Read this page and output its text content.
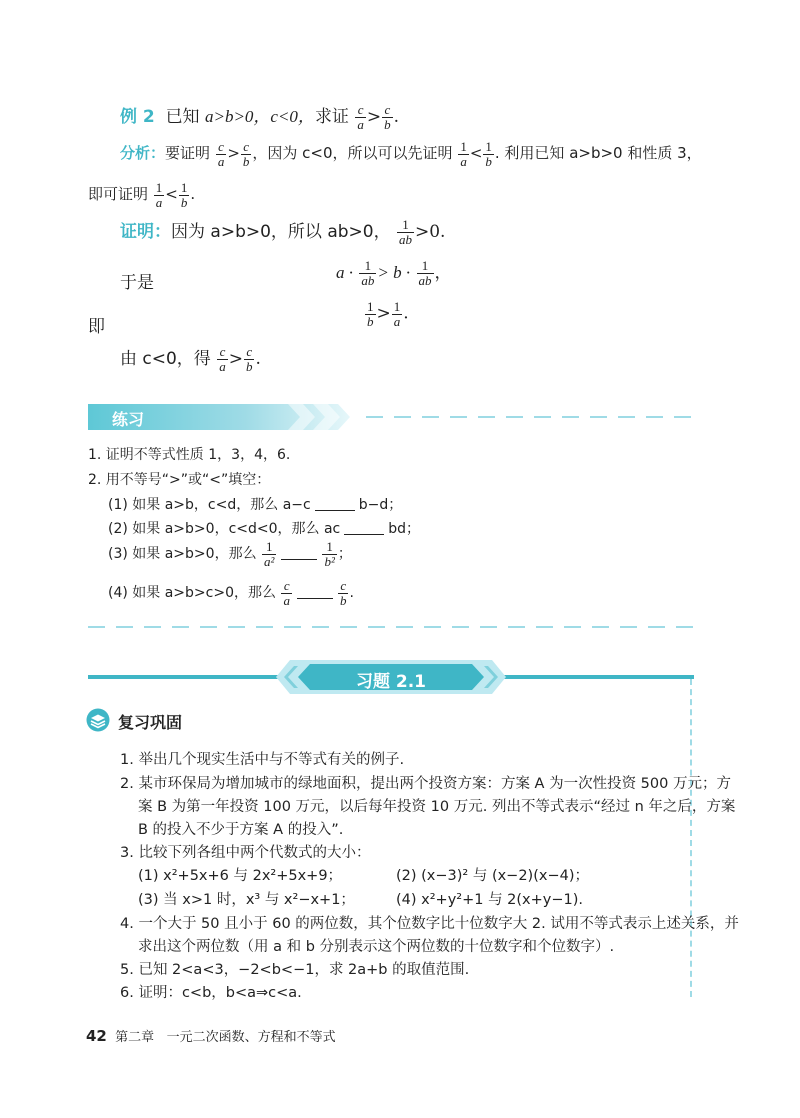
例 2 已知 a>b>0，c<0，求证 $\frac{c}{a} > \frac{c}{b}$ .
分析：要证明 $\frac{c}{a} > \frac{c}{b}$ ，因为 c<0，所以可以先证明 $\frac{1}{a} < \frac{1}{b}$ . 利用已知 a>b>0 和性质 3，
即可证明 $\frac{1}{a} < \frac{1}{b}$ .
证明：因为 a>b>0，所以 ab>0， $\frac{1}{ab} >0$.
于是
$a \cdot \frac{1}{ab} > b \cdot \frac{1}{ab}$ ，
即	$\frac{1}{b} > \frac{1}{a}$ .
由 c<0，得 $\frac{c}{a} > \frac{c}{b}$ .
练习
1. 证明不等式性质 1，3，4，6.
2. 用不等号“>”或“<”填空：
(1) 如果 a>b，c<d，那么 a−c	b−d；
(2) 如果 a>b>0，c<d<0，那么 ac	bd；
(3) 如果 a>b>0，那么 $\frac{1}{\text{a²}}$	$\frac{1}{\text{b²}}$ ；
(4) 如果 a>b>c>0，那么 $\frac{c}{a}$	$\frac{c}{b}$ .
习题 2.1
复习巩固
1. 举出几个现实生活中与不等式有关的例子.
2. 某市环保局为增加城市的绿地面积，提出两个投资方案：方案 A 为一次性投资 500 万元；方
案 B 为第一年投资 100 万元，以后每年投资 10 万元. 列出不等式表示“经过 n 年之后，方案
B 的投入不少于方案 A 的投入”.
3. 比较下列各组中两个代数式的大小：
(1) x²+5x+6 与 2x²+5x+9；	(2) (x−3)² 与 (x−2)(x−4)；
(3) 当 x>1 时，x³ 与 x²−x+1；	(4) x²+y²+1 与 2(x+y−1).
4. 一个大于 50 且小于 60 的两位数，其个位数字比十位数字大 2. 试用不等式表示上述关系，并
求出这个两位数（用 a 和 b 分别表示这个两位数的十位数字和个位数字）.
5. 已知 2<a<3，−2<b<−1，求 2a+b 的取值范围.
6. 证明：c<b，b<a⇒c<a.
42 第二章 一元二次函数、方程和不等式
